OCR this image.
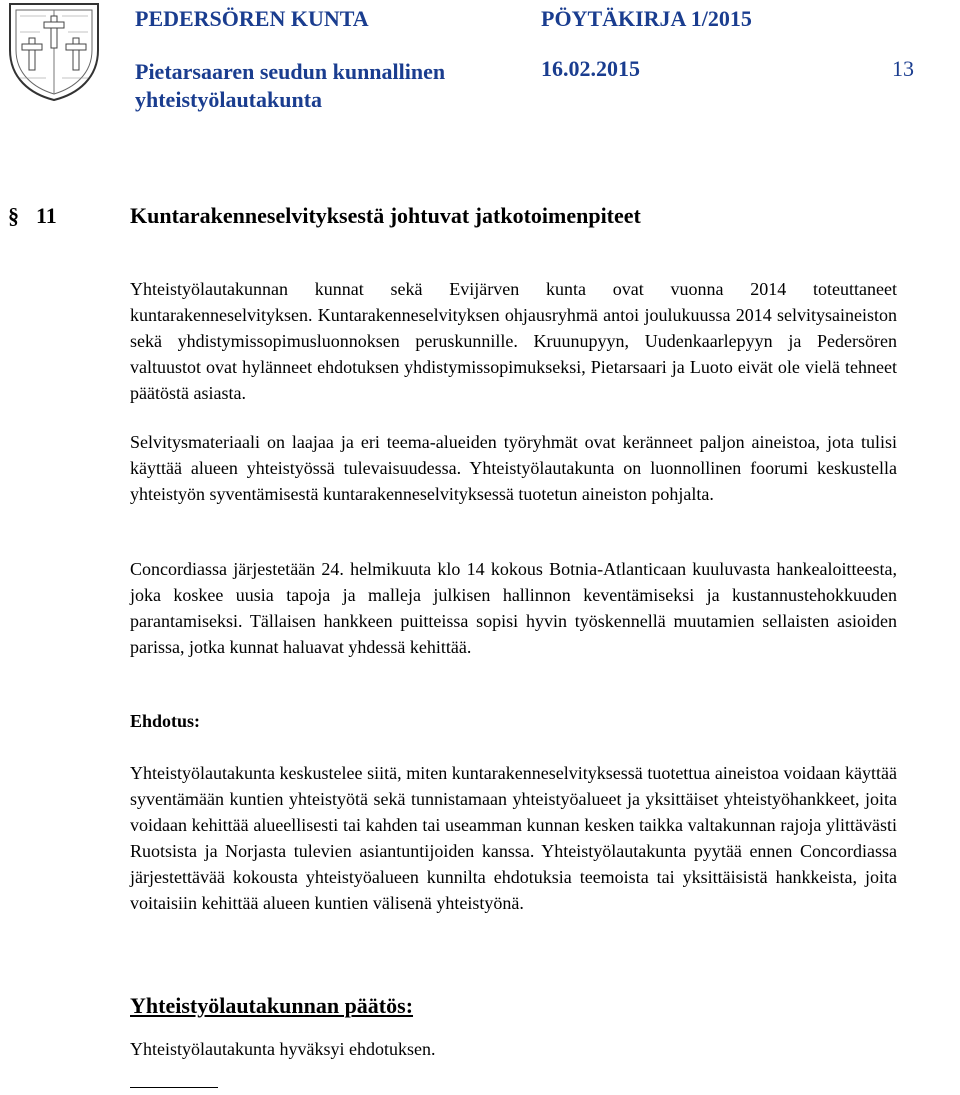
PEDERSÖREN KUNTA
Pietarsaaren seudun kunnallinen yhteistyölautakunta
PÖYTÄKIRJA 1/2015
16.02.2015	13
§ 11	Kuntarakenneselvityksestä johtuvat jatkotoimenpiteet

Yhteistyölautakunnan kunnat sekä Evijärven kunta ovat vuonna 2014 toteuttaneet kuntarakenneselvityksen. Kuntarakenneselvityksen ohjausryhmä antoi joulukuussa 2014 selvitysaineiston sekä yhdistymissopimusluonnoksen peruskunnille. Kruunupyyn, Uudenkaarlepyyn ja Pedersören valtuustot ovat hylänneet ehdotuksen yhdistymissopimukseksi, Pietarsaari ja Luoto eivät ole vielä tehneet päätöstä asiasta.

Selvitysmateriaali on laajaa ja eri teema-alueiden työryhmät ovat keränneet paljon aineistoa, jota tulisi käyttää alueen yhteistyössä tulevaisuudessa. Yhteistyölautakunta on luonnollinen foorumi keskustella yhteistyön syventämisestä kuntarakenneselvityksessä tuotetun aineiston pohjalta.

Concordiassa järjestetään 24. helmikuuta klo 14 kokous Botnia-Atlanticaan kuuluvasta hankealoitteesta, joka koskee uusia tapoja ja malleja julkisen hallinnon keventämiseksi ja kustannustehokkuuden parantamiseksi. Tällaisen hankkeen puitteissa sopisi hyvin työskennellä muutamien sellaisten asioiden parissa, jotka kunnat haluavat yhdessä kehittää.

Ehdotus:

Yhteistyölautakunta keskustelee siitä, miten kuntarakenneselvityksessä tuotettua aineistoa voidaan käyttää syventämään kuntien yhteistyötä sekä tunnistamaan yhteistyöalueet ja yksittäiset yhteistyöhankkeet, joita voidaan kehittää alueellisesti tai kahden tai useamman kunnan kesken taikka valtakunnan rajoja ylittävästi Ruotsista ja Norjasta tulevien asiantuntijoiden kanssa. Yhteistyölautakunta pyytää ennen Concordiassa järjestettävää kokousta yhteistyöalueen kunnilta ehdotuksia teemoista tai yksittäisistä hankkeista, joita voitaisiin kehittää alueen kuntien välisenä yhteistyönä.

Yhteistyölautakunnan päätös:

Yhteistyölautakunta hyväksyi ehdotuksen.
